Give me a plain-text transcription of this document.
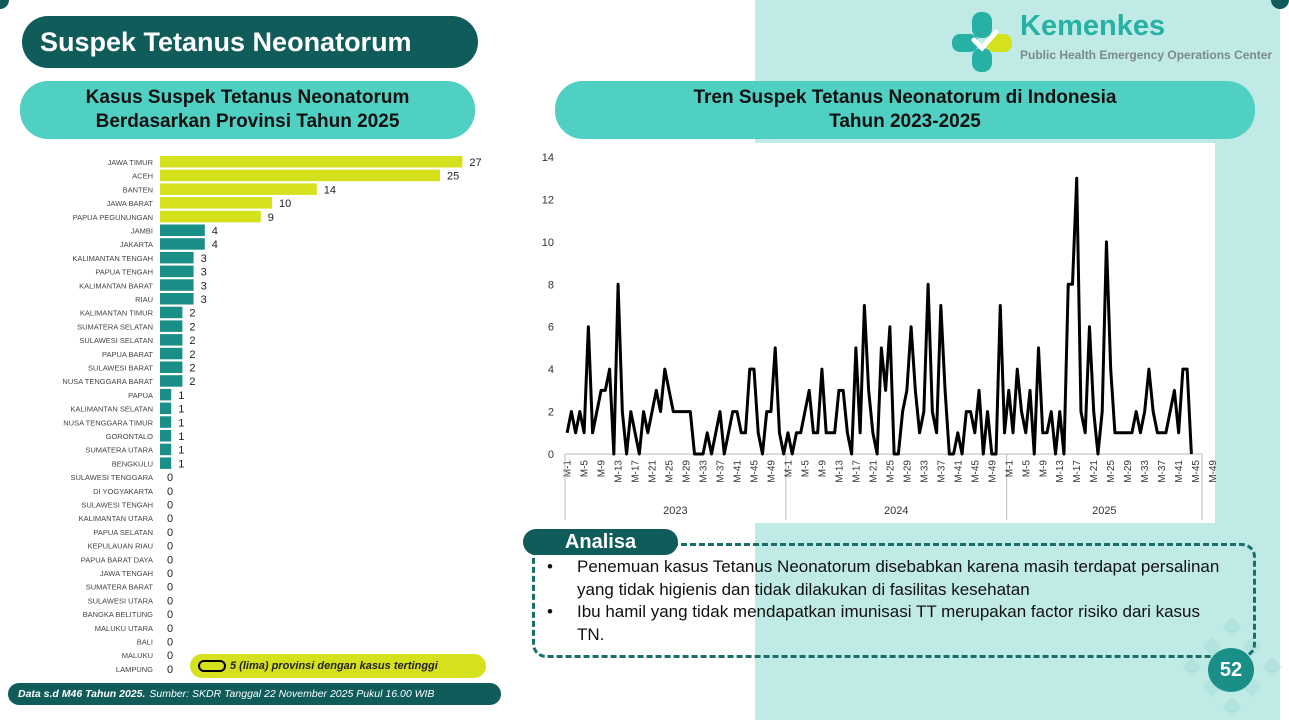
Suspek Tetanus Neonatorum	Kemenkes
Public Health Emergency Operations Center
Kasus Suspek Tetanus Neonatorum
Berdasarkan Provinsi Tahun 2025
Tren Suspek Tetanus Neonatorum di Indonesia
Tahun 2023-2025
JAWA TIMUR	27
ACEH	25
BANTEN	14
JAWA BARAT	10
PAPUA PEGUNUNGAN	9
JAMBI	4
JAKARTA	4
KALIMANTAN TENGAH	3
PAPUA TENGAH	3
KALIMANTAN BARAT	3
RIAU	3
KALIMANTAN TIMUR	2
SUMATERA SELATAN	2
SULAWESI SELATAN	2
PAPUA BARAT	2
SULAWESI BARAT	2
NUSA TENGGARA BARAT	2
PAPUA 1
KALIMANTAN SELATAN 1
NUSA TENGGARA TIMUR 1
GORONTALO 1
SUMATERA UTARA 1
BENGKULU 1
SULAWESI TENGGARA 0
DI YOGYAKARTA 0
SULAWESI TENGAH 0
KALIMANTAN UTARA 0
PAPUA SELATAN 0
KEPULAUAN RIAU 0
PAPUA BARAT DAYA 0
JAWA TENGAH 0
SUMATERA BARAT 0
SULAWESI UTARA 0
BANGKA BELITUNG 0
MALUKU UTARA 0
BALI 0
MALUKU 0
LAMPUNG 0
0
2
4
6
8
10
12
14
M-1 M-5 M-9 M-13 M-17 M-21 M-25 M-29 M-33 M-37 M-41 M-45 M-49
2023
M-1 M-5 M-9 M-13 M-17 M-21 M-25 M-29 M-33 M-37 M-41 M-45 M-49
2024
M-1 M-5 M-9 M-13 M-17 M-21 M-25 M-29 M-33 M-37 M-41 M-45 M-49
2025
5 (lima) provinsi dengan kasus tertinggi
Data s.d M46 Tahun 2025. Sumber: SKDR Tanggal 22 November 2025 Pukul 16.00 WIB
Analisa
• Penemuan kasus Tetanus Neonatorum disebabkan karena masih terdapat persalinan yang tidak higienis dan tidak dilakukan di fasilitas kesehatan
• Ibu hamil yang tidak mendapatkan imunisasi TT merupakan factor risiko dari kasus TN.
52
